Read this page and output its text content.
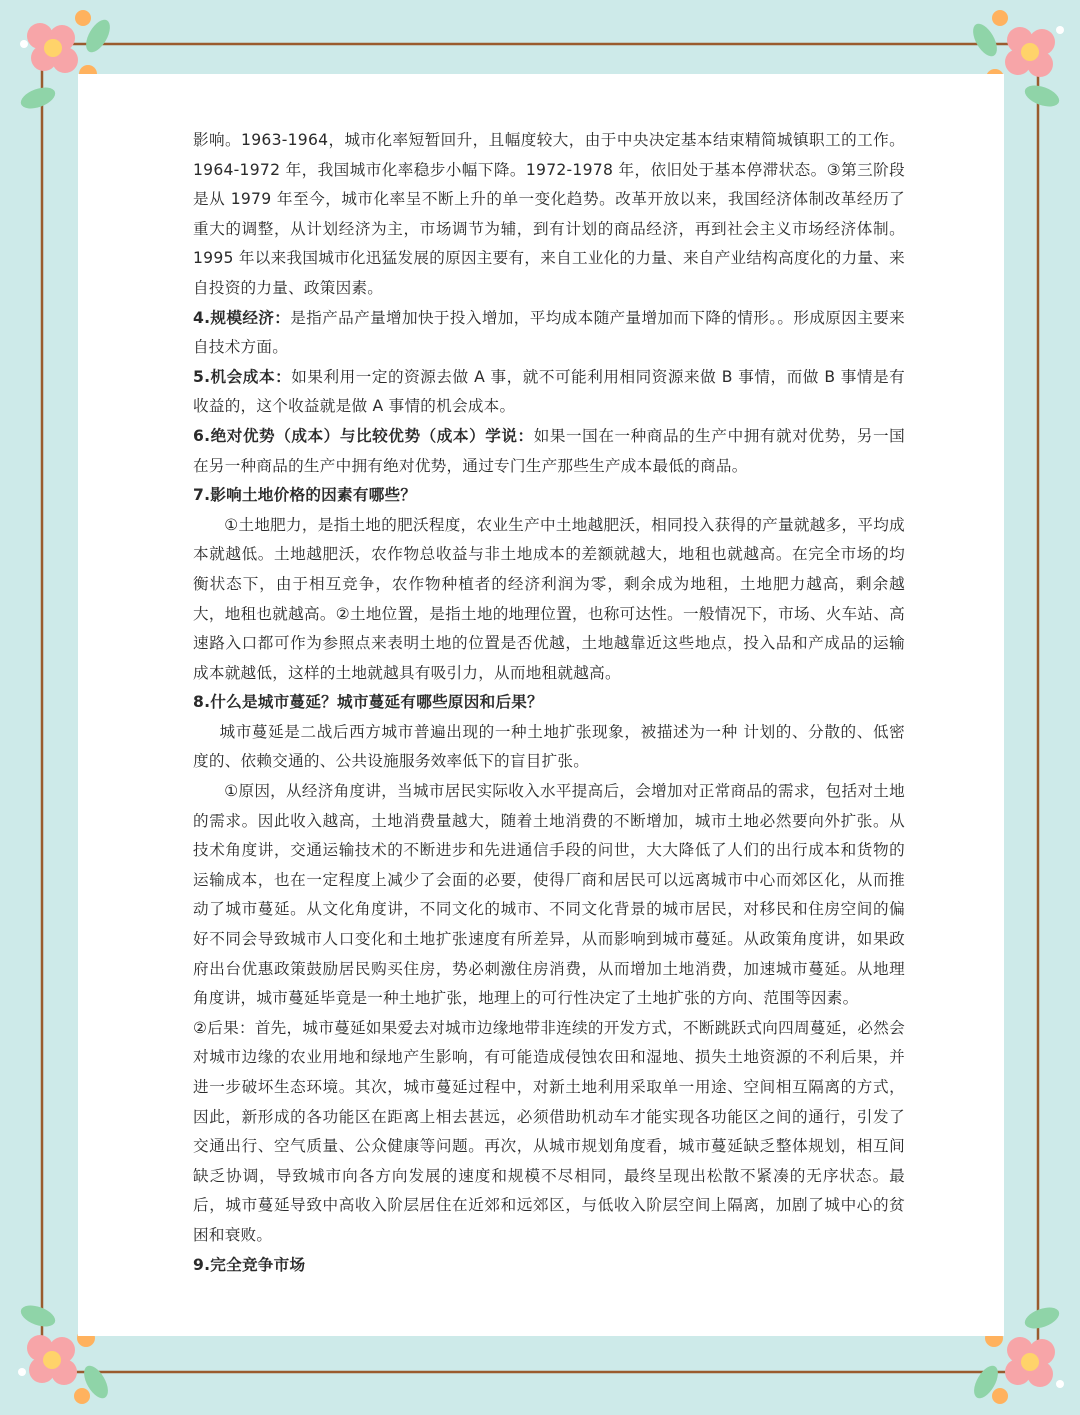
影响。1963-1964，城市化率短暂回升，且幅度较大，由于中央决定基本结束精简城镇职工的工作。1964-1972 年，我国城市化率稳步小幅下降。1972-1978 年，依旧处于基本停滞状态。③第三阶段是从 1979 年至今，城市化率呈不断上升的单一变化趋势。改革开放以来，我国经济体制改革经历了重大的调整，从计划经济为主，市场调节为辅，到有计划的商品经济，再到社会主义市场经济体制。1995 年以来我国城市化迅猛发展的原因主要有，来自工业化的力量、来自产业结构高度化的力量、来自投资的力量、政策因素。

4.规模经济：是指产品产量增加快于投入增加，平均成本随产量增加而下降的情形。。形成原因主要来自技术方面。

5.机会成本：如果利用一定的资源去做 A 事，就不可能利用相同资源来做 B 事情，而做 B 事情是有收益的，这个收益就是做 A 事情的机会成本。

6.绝对优势（成本）与比较优势（成本）学说：如果一国在一种商品的生产中拥有就对优势，另一国在另一种商品的生产中拥有绝对优势，通过专门生产那些生产成本最低的商品。

7.影响土地价格的因素有哪些？

①土地肥力，是指土地的肥沃程度，农业生产中土地越肥沃，相同投入获得的产量就越多，平均成本就越低。土地越肥沃，农作物总收益与非土地成本的差额就越大，地租也就越高。在完全市场的均衡状态下，由于相互竞争，农作物种植者的经济利润为零，剩余成为地租，土地肥力越高，剩余越大，地租也就越高。②土地位置，是指土地的地理位置，也称可达性。一般情况下，市场、火车站、高速路入口都可作为参照点来表明土地的位置是否优越，土地越靠近这些地点，投入品和产成品的运输成本就越低，这样的土地就越具有吸引力，从而地租就越高。

8.什么是城市蔓延？城市蔓延有哪些原因和后果？

城市蔓延是二战后西方城市普遍出现的一种土地扩张现象，被描述为一种 计划的、分散的、低密度的、依赖交通的、公共设施服务效率低下的盲目扩张。

①原因，从经济角度讲，当城市居民实际收入水平提高后，会增加对正常商品的需求，包括对土地的需求。因此收入越高，土地消费量越大，随着土地消费的不断增加，城市土地必然要向外扩张。从技术角度讲，交通运输技术的不断进步和先进通信手段的问世，大大降低了人们的出行成本和货物的运输成本，也在一定程度上减少了会面的必要，使得厂商和居民可以远离城市中心而郊区化，从而推动了城市蔓延。从文化角度讲，不同文化的城市、不同文化背景的城市居民，对移民和住房空间的偏好不同会导致城市人口变化和土地扩张速度有所差异，从而影响到城市蔓延。从政策角度讲，如果政府出台优惠政策鼓励居民购买住房，势必刺激住房消费，从而增加土地消费，加速城市蔓延。从地理角度讲，城市蔓延毕竟是一种土地扩张，地理上的可行性决定了土地扩张的方向、范围等因素。

②后果：首先，城市蔓延如果爱去对城市边缘地带非连续的开发方式，不断跳跃式向四周蔓延，必然会对城市边缘的农业用地和绿地产生影响，有可能造成侵蚀农田和湿地、损失土地资源的不利后果，并进一步破坏生态环境。其次，城市蔓延过程中，对新土地利用采取单一用途、空间相互隔离的方式，因此，新形成的各功能区在距离上相去甚远，必须借助机动车才能实现各功能区之间的通行，引发了交通出行、空气质量、公众健康等问题。再次，从城市规划角度看，城市蔓延缺乏整体规划，相互间缺乏协调，导致城市向各方向发展的速度和规模不尽相同，最终呈现出松散不紧凑的无序状态。最后，城市蔓延导致中高收入阶层居住在近郊和远郊区，与低收入阶层空间上隔离，加剧了城中心的贫困和衰败。

9.完全竞争市场
